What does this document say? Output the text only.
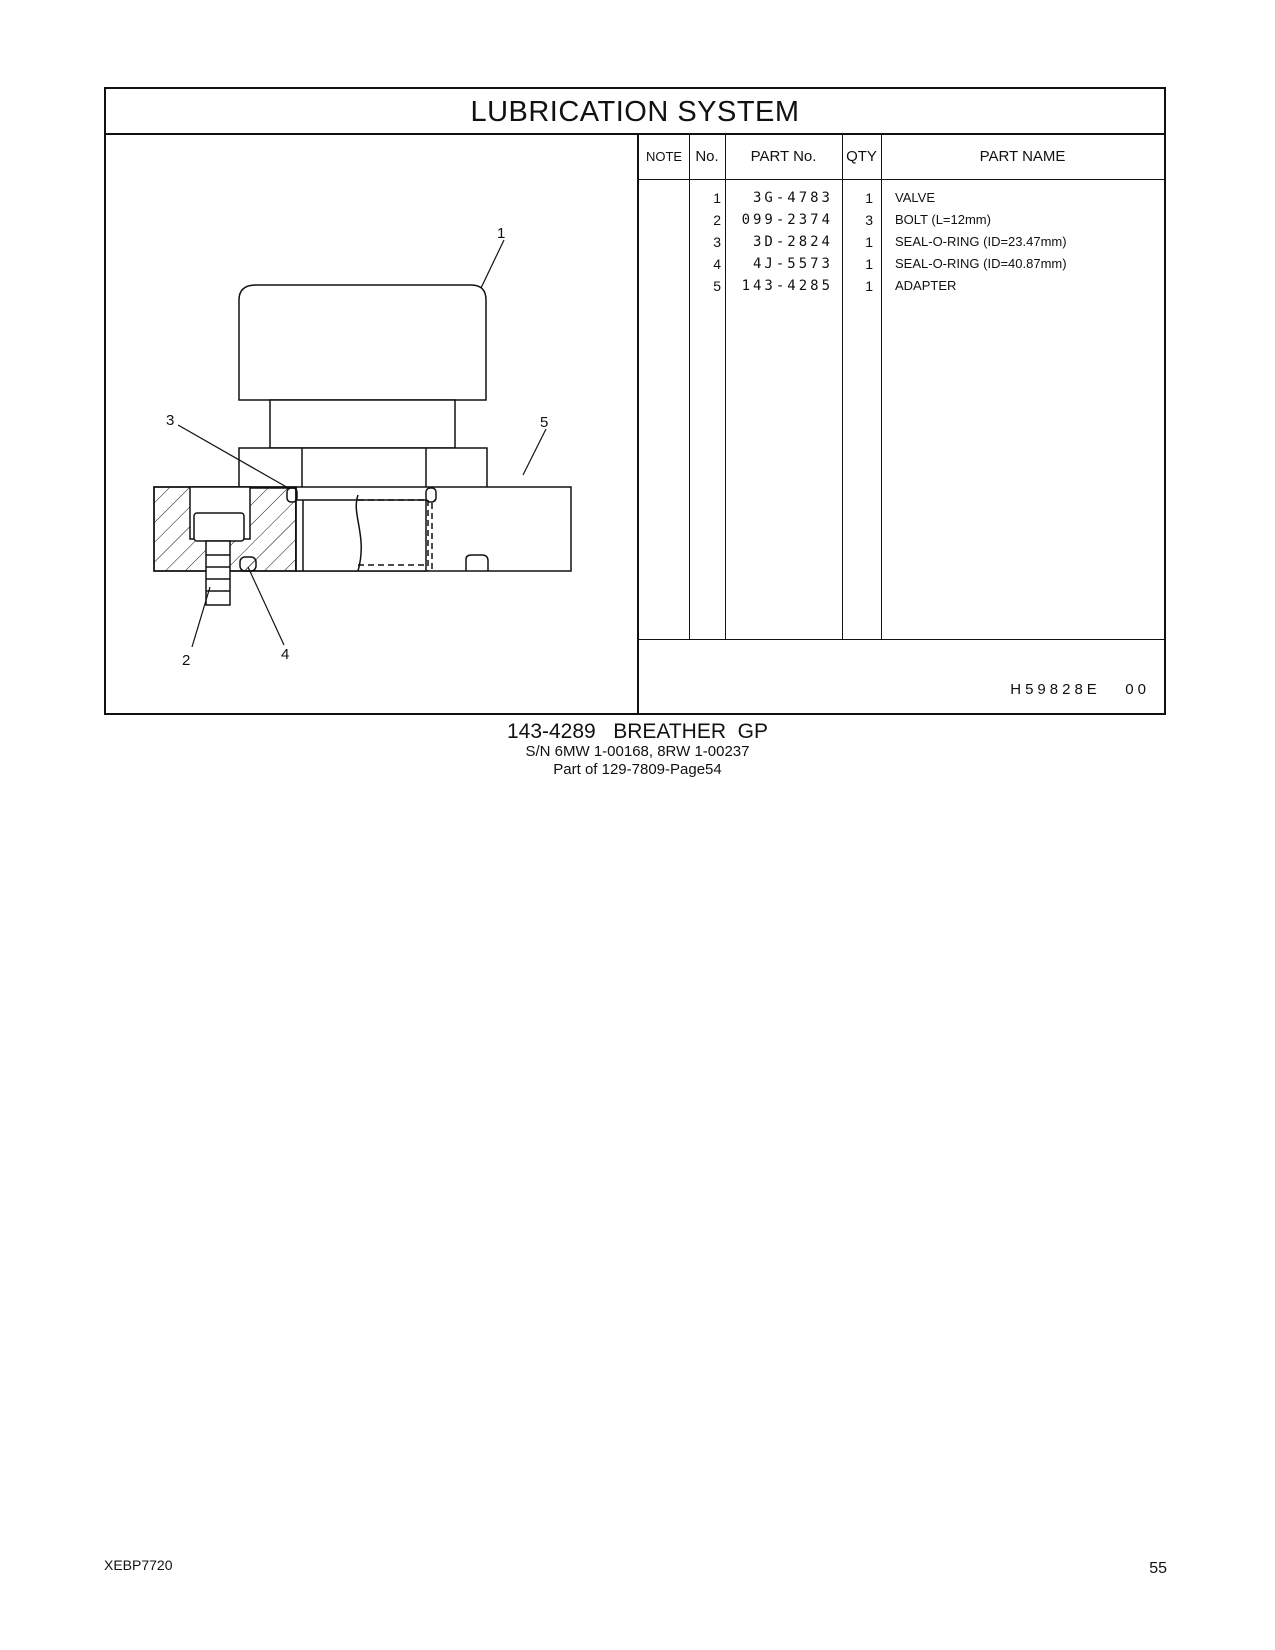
LUBRICATION SYSTEM
1
3	5
2	4
NOTE No.	PART No.	QTY	PART NAME
1	3G-4783	1 VALVE
2	099-2374	3 BOLT (L=12mm)
3	3D-2824	1 SEAL-O-RING (ID=23.47mm)
4	4J-5573	1 SEAL-O-RING (ID=40.87mm)
5	143-4285	1 ADAPTER
H59828E   00
143-4289   BREATHER  GP
S/N 6MW 1-00168, 8RW 1-00237
Part of 129-7809-Page54
XEBP7720	55
